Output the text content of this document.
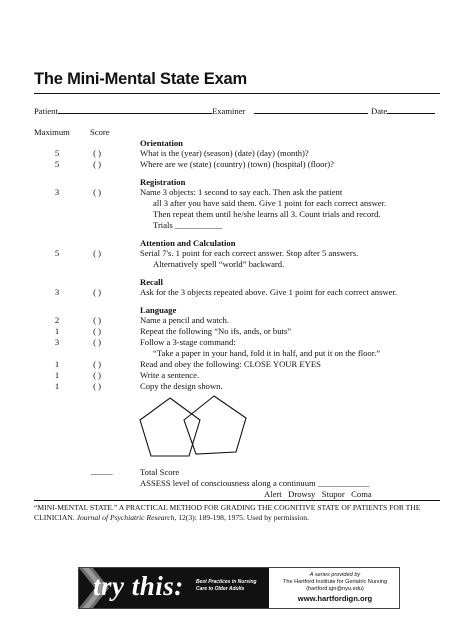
The Mini-Mental State Exam
Patient	Examiner	Date
Maximum Score
Orientation
5	( )	What is the (year) (season) (date) (day) (month)?
5	( )	Where are we (state) (country) (town) (hospital) (floor)?
Registration
3	( )	Name 3 objects: 1 second to say each. Then ask the patient
all 3 after you have said them. Give 1 point for each correct answer.
Then repeat them until he/she learns all 3. Count trials and record.
Trials ___________
Attention and Calculation
5	( )	Serial 7's. 1 point for each correct answer. Stop after 5 answers.
Alternatively spell “world” backward.
Recall
3	( )	Ask for the 3 objects repeated above. Give 1 point for each correct answer.
Language
2	( )	Name a pencil and watch.
1	( )	Repeat the following “No ifs, ands, or buts”
3	( )	Follow a 3-stage command:
“Take a paper in your hand, fold it in half, and put it on the floor.”
1	( )	Read and obey the following: CLOSE YOUR EYES
1	( )	Write a sentence.
1	( )	Copy the design shown.
_____	Total Score
ASSESS level of consciousness along a continuum ____________
Alert Drowsy Stupor Coma
“MINI-MENTAL STATE.” A PRACTICAL METHOD FOR GRADING THE COGNITIVE STATE OF PATIENTS FOR THE CLINICIAN. Journal of Psychiatric Research, 12(3): 189-198, 1975. Used by permission.
try this: Best Practices in Nursing
Care to Older Adults
A series provided by
The Hartford Institute for Geriatric Nursing
(hartford.ign@nyu.edu)
www.hartfordign.org
